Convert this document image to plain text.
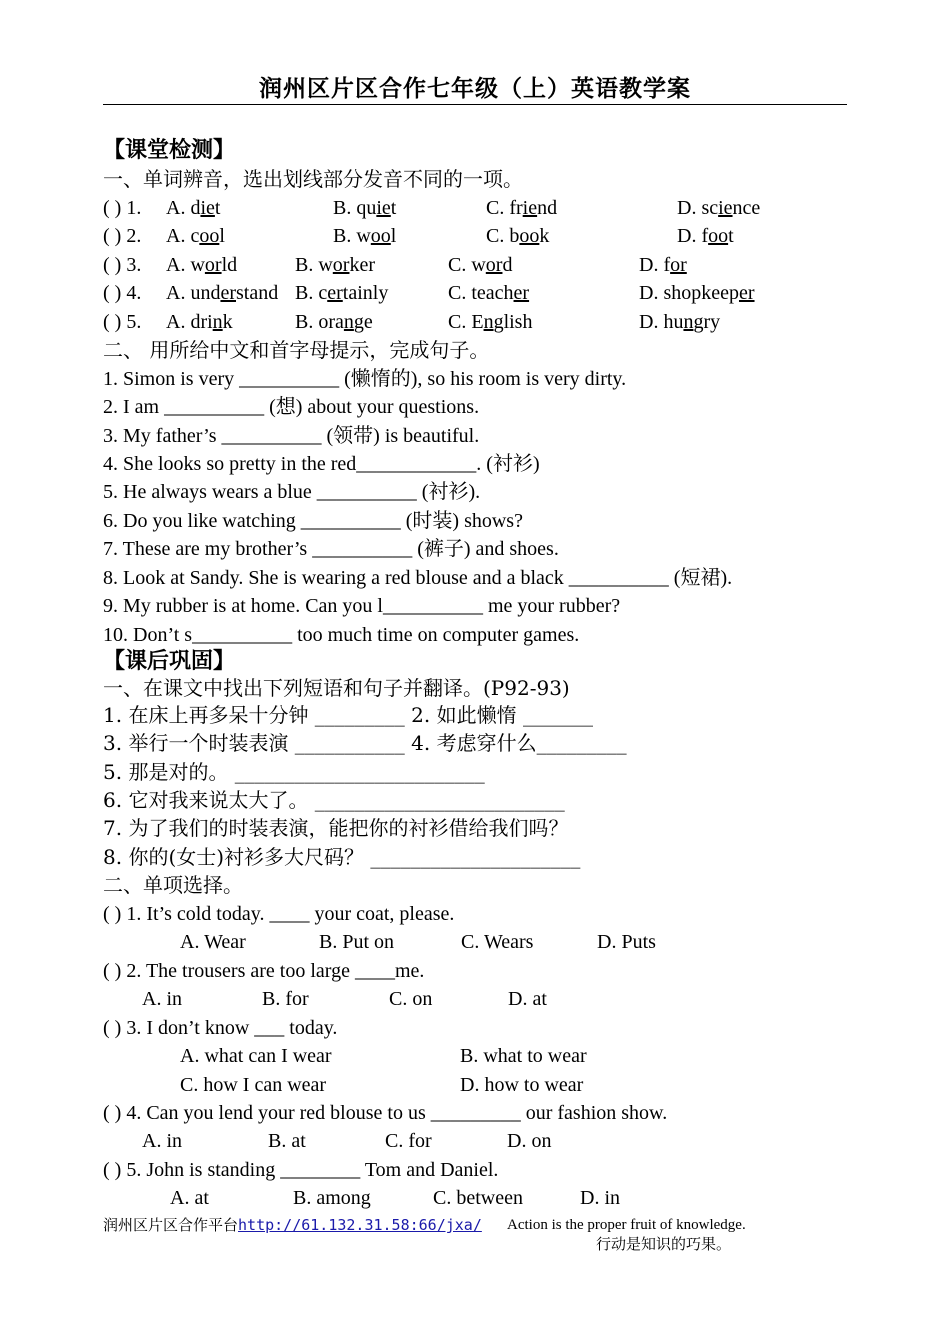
润州区片区合作七年级（上）英语教学案
【课堂检测】
一、单词辨音，选出划线部分发音不同的一项。
( ) 1. A. diet	B. quiet	C. friend	D. science
( ) 2. A. cool	B. wool	C. book	D. foot
( ) 3. A. world	B. worker	C. word	D. for
( ) 4. A. understand B. certainly	C. teacher	D. shopkeeper
( ) 5. A. drink	B. orange	C. English	D. hungry
二、 用所给中文和首字母提示，完成句子。
1. Simon is very __________ (懒惰的), so his room is very dirty.
2. I am __________ (想) about your questions.
3. My father’s __________ (领带) is beautiful.
4. She looks so pretty in the red____________. (衬衫)
5. He always wears a blue __________ (衬衫).
6. Do you like watching __________ (时装) shows?
7. These are my brother’s __________ (裤子) and shoes.
8. Look at Sandy. She is wearing a red blouse and a black __________ (短裙).
9. My rubber is at home. Can you l__________ me your rubber?
10. Don’t s__________ too much time on computer games.
【课后巩固】
一、在课文中找出下列短语和句子并翻译。(P92-93)
1. 在床上再多呆十分钟 _________ 2. 如此懒惰 _______
3. 举行一个时装表演 ___________ 4. 考虑穿什么_________
5. 那是对的。 _________________________
6. 它对我来说太大了。 _________________________
7. 为了我们的时装表演，能把你的衬衫借给我们吗？
8. 你的(女士)衬衫多大尺码？ _____________________
二、单项选择。
( ) 1. It’s cold today. ____ your coat, please.
A. Wear	B. Put on	C. Wears	D. Puts
( ) 2. The trousers are too large ____me.
A. in	B. for	C. on	D. at
( ) 3. I don’t know ___ today.
A. what can I wear	B. what to wear
C. how I can wear	D. how to wear
( ) 4. Can you lend your red blouse to us _________ our fashion show.
A. in	B. at	C. for	D. on
( ) 5. John is standing ________ Tom and Daniel.
A. at	B. among	C. between	D. in
润州区片区合作平台http://61.132.31.58:66/jxa/ Action is the proper fruit of knowledge.
行动是知识的巧果。
